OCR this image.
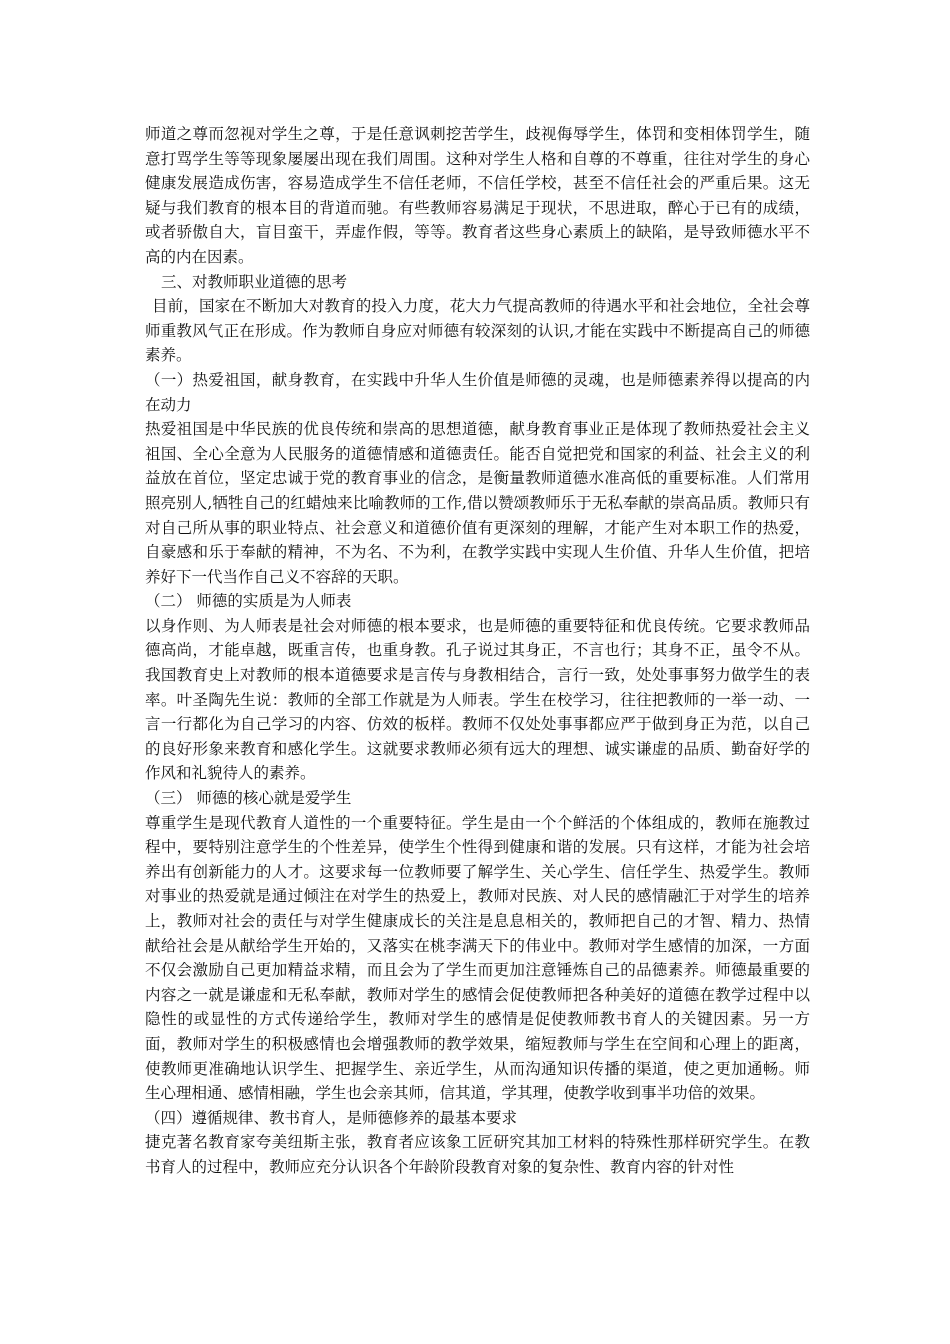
师道之尊而忽视对学生之尊，于是任意讽刺挖苦学生，歧视侮辱学生，体罚和变相体罚学生，随意打骂学生等等现象屡屡出现在我们周围。这种对学生人格和自尊的不尊重，往往对学生的身心健康发展造成伤害，容易造成学生不信任老师，不信任学校，甚至不信任社会的严重后果。这无疑与我们教育的根本目的背道而驰。有些教师容易满足于现状，不思进取，醉心于已有的成绩，或者骄傲自大，盲目蛮干，弄虚作假，等等。教育者这些身心素质上的缺陷，是导致师德水平不高的内在因素。

三、对教师职业道德的思考

目前，国家在不断加大对教育的投入力度，花大力气提高教师的待遇水平和社会地位，全社会尊师重教风气正在形成。作为教师自身应对师德有较深刻的认识,才能在实践中不断提高自己的师德素养。

（一）热爱祖国，献身教育，在实践中升华人生价值是师德的灵魂，也是师德素养得以提高的内在动力

热爱祖国是中华民族的优良传统和崇高的思想道德，献身教育事业正是体现了教师热爱社会主义祖国、全心全意为人民服务的道德情感和道德责任。能否自觉把党和国家的利益、社会主义的利益放在首位，坚定忠诚于党的教育事业的信念，是衡量教师道德水准高低的重要标准。人们常用照亮别人,牺牲自己的红蜡烛来比喻教师的工作,借以赞颂教师乐于无私奉献的崇高品质。教师只有对自己所从事的职业特点、社会意义和道德价值有更深刻的理解，才能产生对本职工作的热爱，自豪感和乐于奉献的精神，不为名、不为利，在教学实践中实现人生价值、升华人生价值，把培养好下一代当作自己义不容辞的天职。

（二） 师德的实质是为人师表

以身作则、为人师表是社会对师德的根本要求，也是师德的重要特征和优良传统。它要求教师品德高尚，才能卓越，既重言传，也重身教。孔子说过其身正，不言也行；其身不正，虽令不从。我国教育史上对教师的根本道德要求是言传与身教相结合，言行一致，处处事事努力做学生的表率。叶圣陶先生说：教师的全部工作就是为人师表。学生在校学习，往往把教师的一举一动、一言一行都化为自己学习的内容、仿效的板样。教师不仅处处事事都应严于做到身正为范，以自己的良好形象来教育和感化学生。这就要求教师必须有远大的理想、诚实谦虚的品质、勤奋好学的作风和礼貌待人的素养。

（三） 师德的核心就是爱学生

尊重学生是现代教育人道性的一个重要特征。学生是由一个个鲜活的个体组成的，教师在施教过程中，要特别注意学生的个性差异，使学生个性得到健康和谐的发展。只有这样，才能为社会培养出有创新能力的人才。这要求每一位教师要了解学生、关心学生、信任学生、热爱学生。教师对事业的热爱就是通过倾注在对学生的热爱上，教师对民族、对人民的感情融汇于对学生的培养上，教师对社会的责任与对学生健康成长的关注是息息相关的，教师把自己的才智、精力、热情献给社会是从献给学生开始的，又落实在桃李满天下的伟业中。教师对学生感情的加深，一方面不仅会激励自己更加精益求精，而且会为了学生而更加注意锤炼自己的品德素养。师德最重要的内容之一就是谦虚和无私奉献，教师对学生的感情会促使教师把各种美好的道德在教学过程中以隐性的或显性的方式传递给学生，教师对学生的感情是促使教师教书育人的关键因素。另一方面，教师对学生的积极感情也会增强教师的教学效果，缩短教师与学生在空间和心理上的距离，使教师更准确地认识学生、把握学生、亲近学生，从而沟通知识传播的渠道，使之更加通畅。师生心理相通、感情相融，学生也会亲其师，信其道，学其理，使教学收到事半功倍的效果。

（四）遵循规律、教书育人，是师德修养的最基本要求

捷克著名教育家夸美纽斯主张，教育者应该象工匠研究其加工材料的特殊性那样研究学生。在教书育人的过程中，教师应充分认识各个年龄阶段教育对象的复杂性、教育内容的针对性
